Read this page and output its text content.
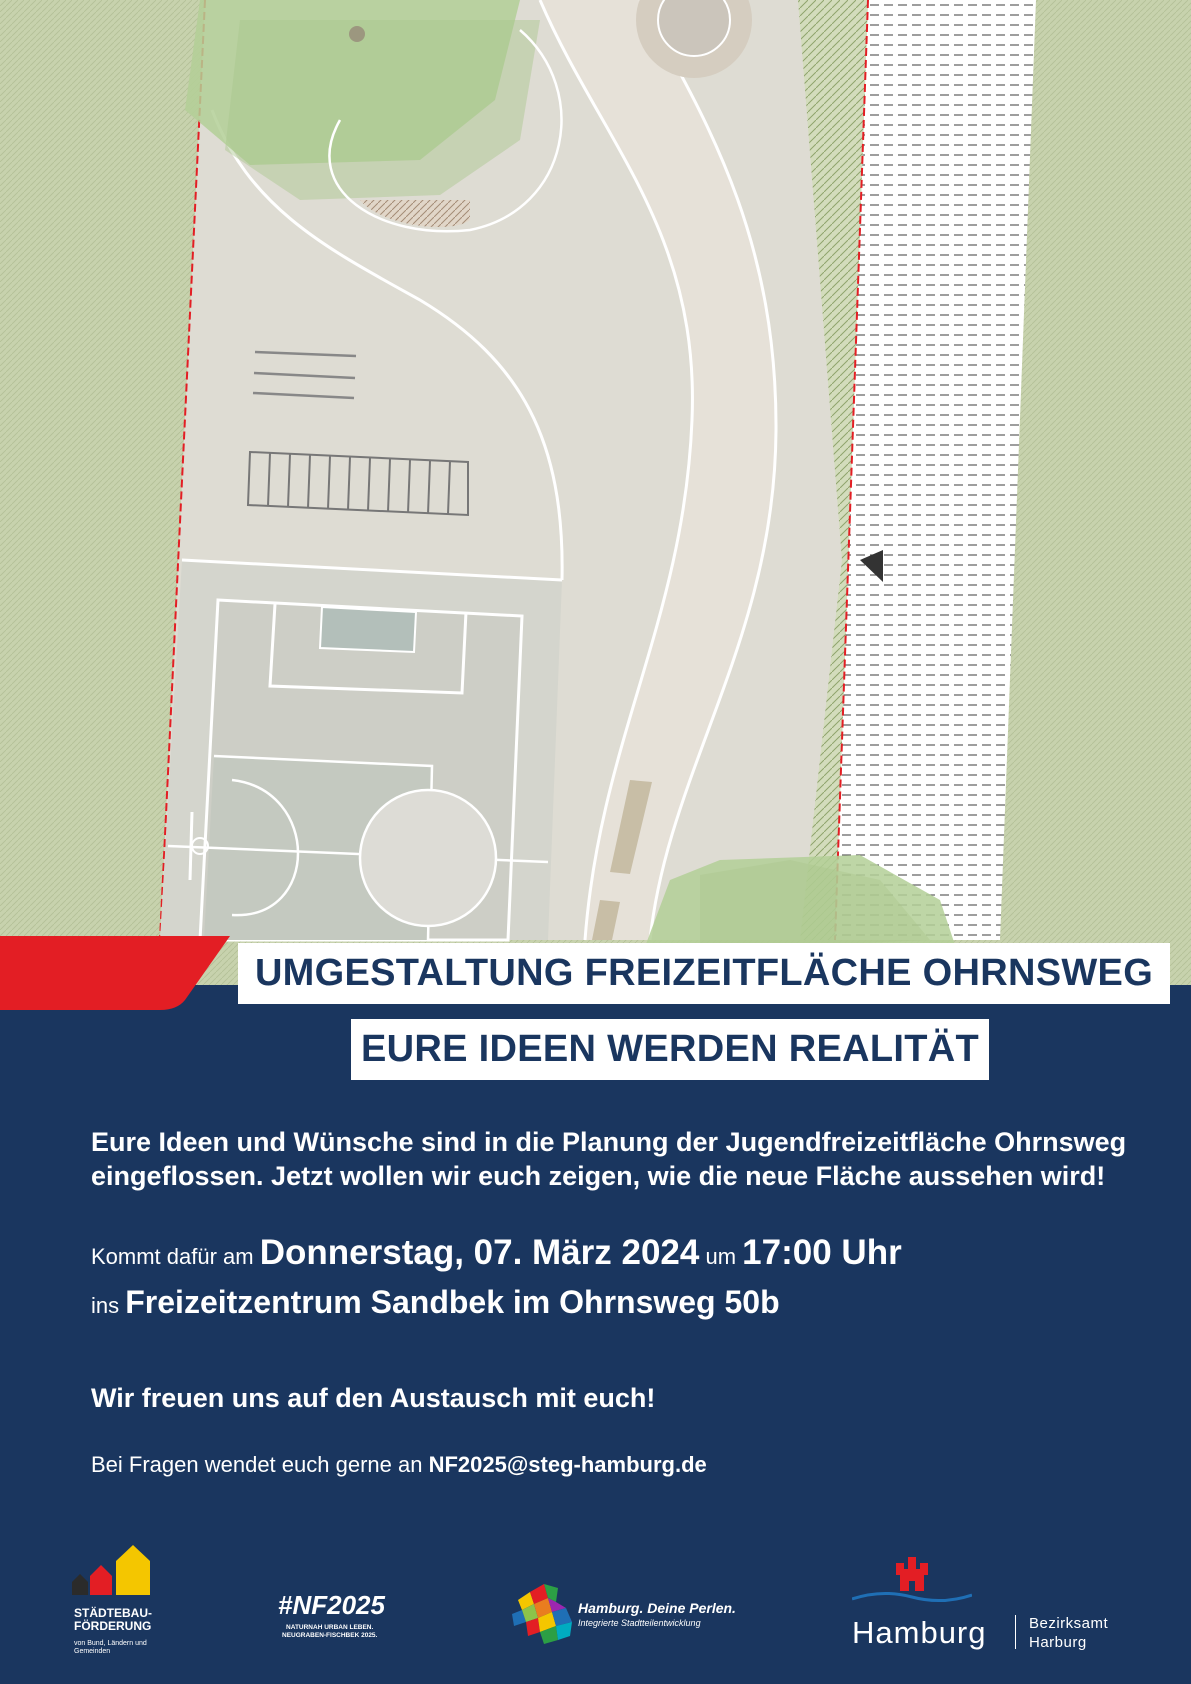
UMGESTALTUNG FREIZEITFLÄCHE OHRNSWEG
EURE IDEEN WERDEN REALITÄT
Eure Ideen und Wünsche sind in die Planung der Jugendfreizeitfläche Ohrnsweg
eingeflossen. Jetzt wollen wir euch zeigen, wie die neue Fläche aussehen wird!
Kommt dafür am Donnerstag, 07. März 2024 um 17:00 Uhr
ins Freizeitzentrum Sandbek im Ohrnsweg 50b
Wir freuen uns auf den Austausch mit euch!
Bei Fragen wendet euch gerne an NF2025@steg-hamburg.de
STÄDTEBAU-
FÖRDERUNG
von Bund, Ländern und
Gemeinden
#NF2025
NATURNAH URBAN LEBEN.
NEUGRABEN-FISCHBEK 2025.
Hamburg. Deine Perlen.
Integrierte Stadtteilentwicklung	Hamburg	Bezirksamt
Harburg
